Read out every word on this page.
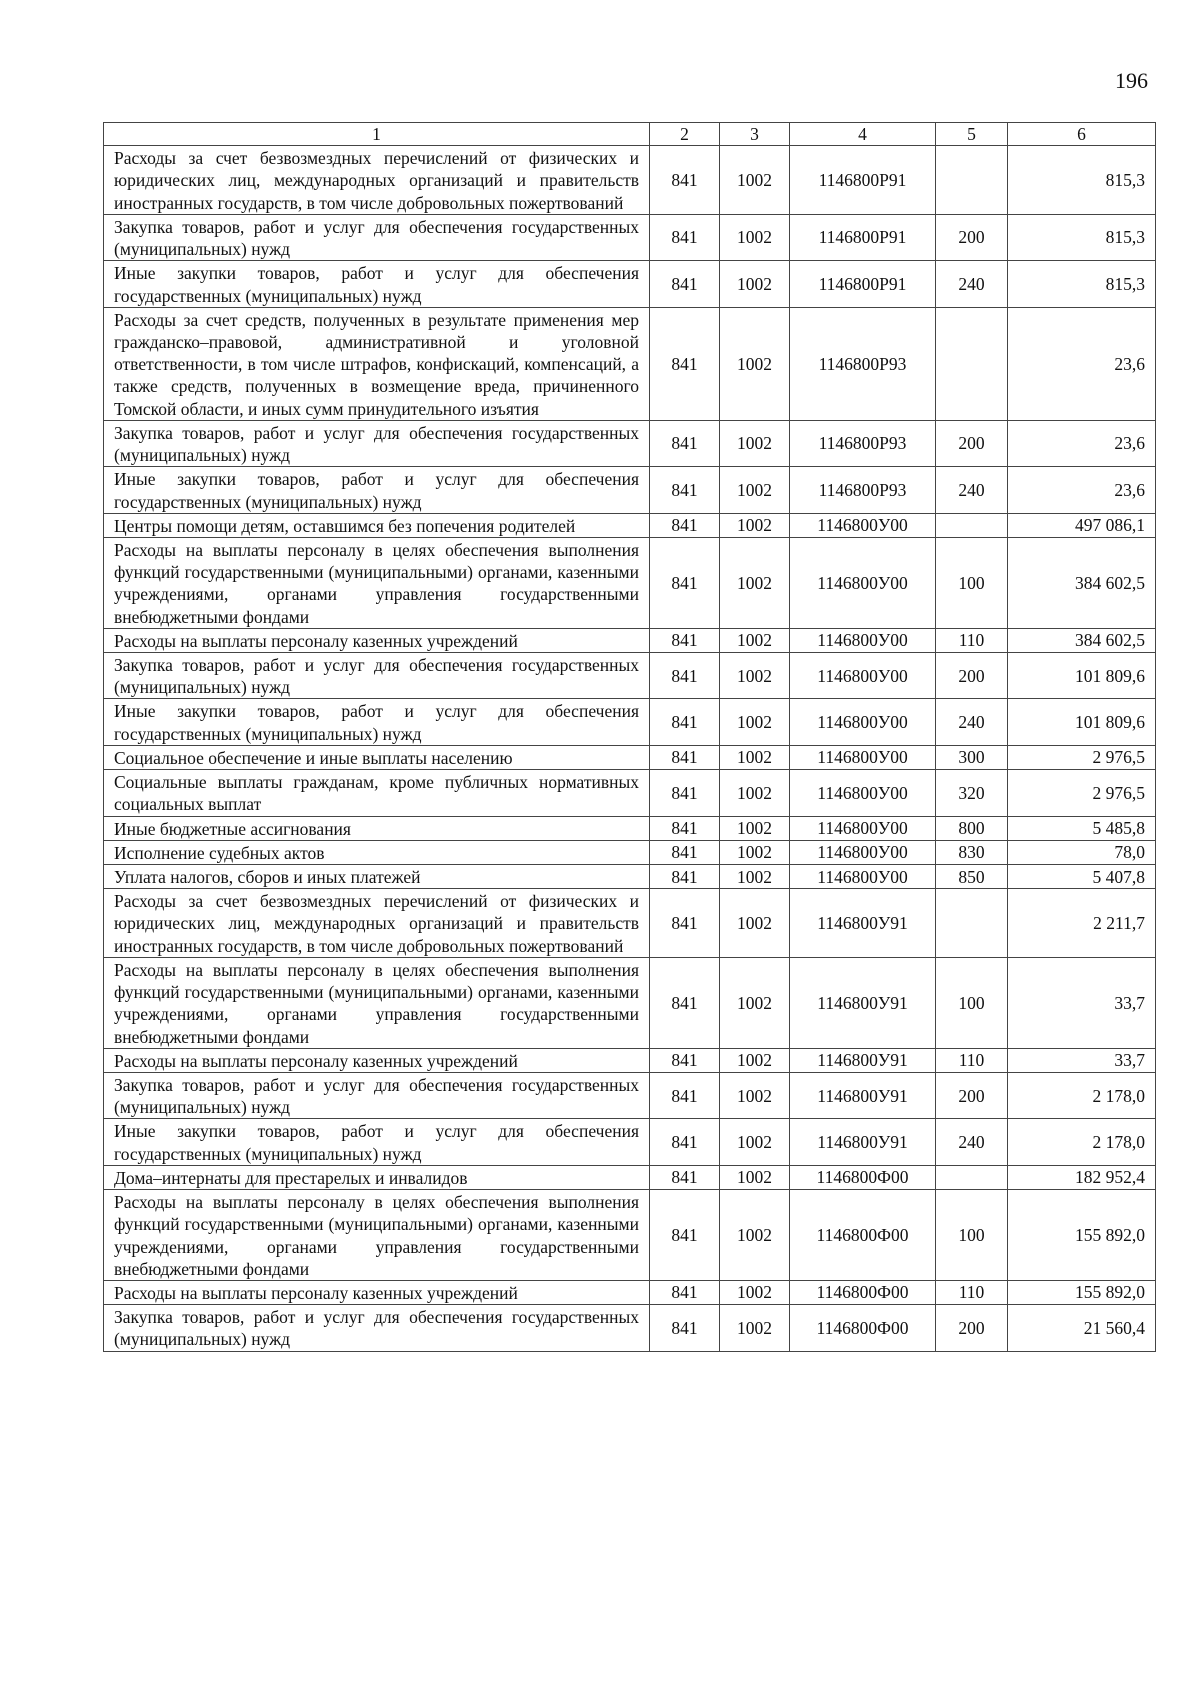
196
1	2	3	4	5	6
Расходы за счет безвозмездных перечислений от физических и юридических лиц, международных организаций и правительств иностранных государств, в том числе добровольных пожертвований	841	1002	1146800Р91		815,3
Закупка товаров, работ и услуг для обеспечения государственных (муниципальных) нужд	841	1002	1146800Р91	200	815,3
Иные закупки товаров, работ и услуг для обеспечения государственных (муниципальных) нужд	841	1002	1146800Р91	240	815,3
Расходы за счет средств, полученных в результате применения мер гражданско–правовой, административной и уголовной ответственности, в том числе штрафов, конфискаций, компенсаций, а также средств, полученных в возмещение вреда, причиненного Томской области, и иных сумм принудительного изъятия	841	1002	1146800Р93		23,6
Закупка товаров, работ и услуг для обеспечения государственных (муниципальных) нужд	841	1002	1146800Р93	200	23,6
Иные закупки товаров, работ и услуг для обеспечения государственных (муниципальных) нужд	841	1002	1146800Р93	240	23,6
Центры помощи детям, оставшимся без попечения родителей	841	1002	1146800У00		497 086,1
Расходы на выплаты персоналу в целях обеспечения выполнения функций государственными (муниципальными) органами, казенными учреждениями, органами управления государственными внебюджетными фондами	841	1002	1146800У00	100	384 602,5
Расходы на выплаты персоналу казенных учреждений	841	1002	1146800У00	110	384 602,5
Закупка товаров, работ и услуг для обеспечения государственных (муниципальных) нужд	841	1002	1146800У00	200	101 809,6
Иные закупки товаров, работ и услуг для обеспечения государственных (муниципальных) нужд	841	1002	1146800У00	240	101 809,6
Социальное обеспечение и иные выплаты населению	841	1002	1146800У00	300	2 976,5
Социальные выплаты гражданам, кроме публичных нормативных социальных выплат	841	1002	1146800У00	320	2 976,5
Иные бюджетные ассигнования	841	1002	1146800У00	800	5 485,8
Исполнение судебных актов	841	1002	1146800У00	830	78,0
Уплата налогов, сборов и иных платежей	841	1002	1146800У00	850	5 407,8
Расходы за счет безвозмездных перечислений от физических и юридических лиц, международных организаций и правительств иностранных государств, в том числе добровольных пожертвований	841	1002	1146800У91		2 211,7
Расходы на выплаты персоналу в целях обеспечения выполнения функций государственными (муниципальными) органами, казенными учреждениями, органами управления государственными внебюджетными фондами	841	1002	1146800У91	100	33,7
Расходы на выплаты персоналу казенных учреждений	841	1002	1146800У91	110	33,7
Закупка товаров, работ и услуг для обеспечения государственных (муниципальных) нужд	841	1002	1146800У91	200	2 178,0
Иные закупки товаров, работ и услуг для обеспечения государственных (муниципальных) нужд	841	1002	1146800У91	240	2 178,0
Дома–интернаты для престарелых и инвалидов	841	1002	1146800Ф00		182 952,4
Расходы на выплаты персоналу в целях обеспечения выполнения функций государственными (муниципальными) органами, казенными учреждениями, органами управления государственными внебюджетными фондами	841	1002	1146800Ф00	100	155 892,0
Расходы на выплаты персоналу казенных учреждений	841	1002	1146800Ф00	110	155 892,0
Закупка товаров, работ и услуг для обеспечения государственных (муниципальных) нужд	841	1002	1146800Ф00	200	21 560,4
